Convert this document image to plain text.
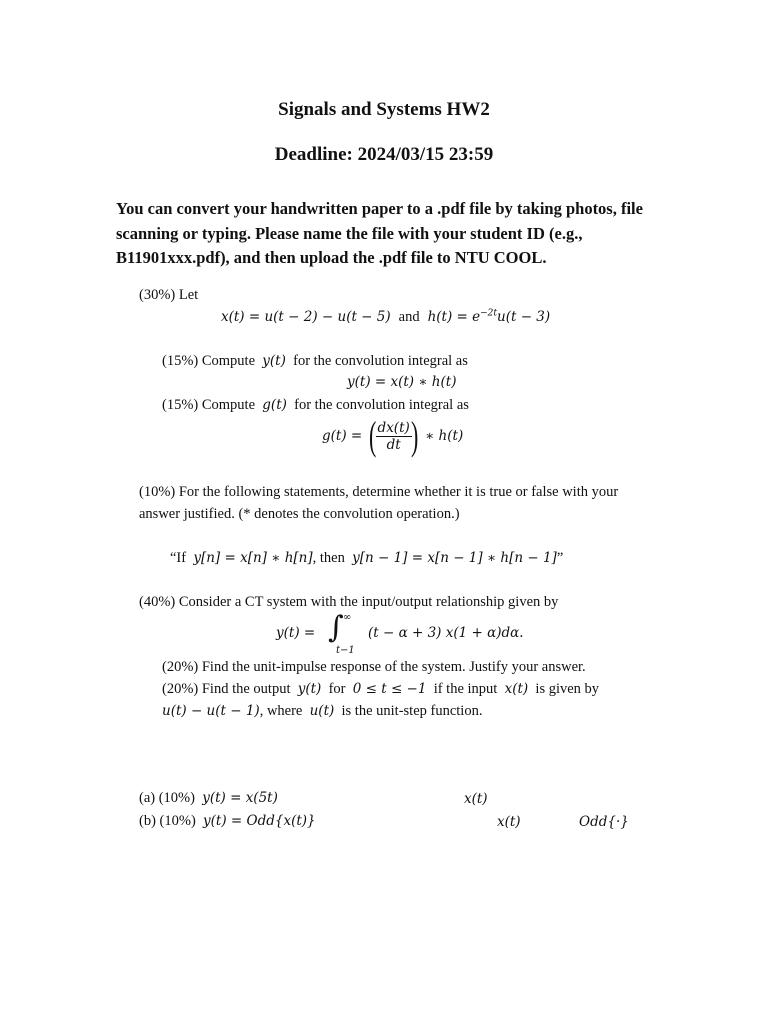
Signals and Systems HW2
Deadline: 2024/03/15 23:59
You can convert your handwritten paper to a .pdf file by taking photos, file scanning or typing. Please name the file with your student ID (e.g., B11901xxx.pdf), and then upload the .pdf file to NTU COOL.
(30%) Let
x(t) = u(t − 2) − u(t − 5) and $h(t) = e^{-2t}u(t - 3)$
(15%) Compute y(t) for the convolution integral as
y(t) = x(t) ∗ h(t)
(15%) Compute g(t) for the convolution integral as
g(t) = (
$\frac{dx(t)}{dt}$
) ∗ h(t)
(10%) For the following statements, determine whether it is true or false with your
answer justified. (* denotes the convolution operation.)
“If y[n] = x[n] ∗ h[n], then y[n − 1] = x[n − 1] ∗ h[n − 1]”
(40%) Consider a CT system with the input/output relationship given by
y(t) = ∫ ∞
t−1
(t − α + 3) x(1 + α)dα.
(20%) Find the unit-impulse response of the system. Justify your answer.
(20%) Find the output y(t) for 0 ≤ t ≤ −1 if the input x(t) is given by
u(t) − u(t − 1), where u(t) is the unit-step function.
(a) (10%) y(t) = x(5t)	x(t)
(b) (10%) y(t) = Odd{x(t)}	x(t)	Odd{·}
